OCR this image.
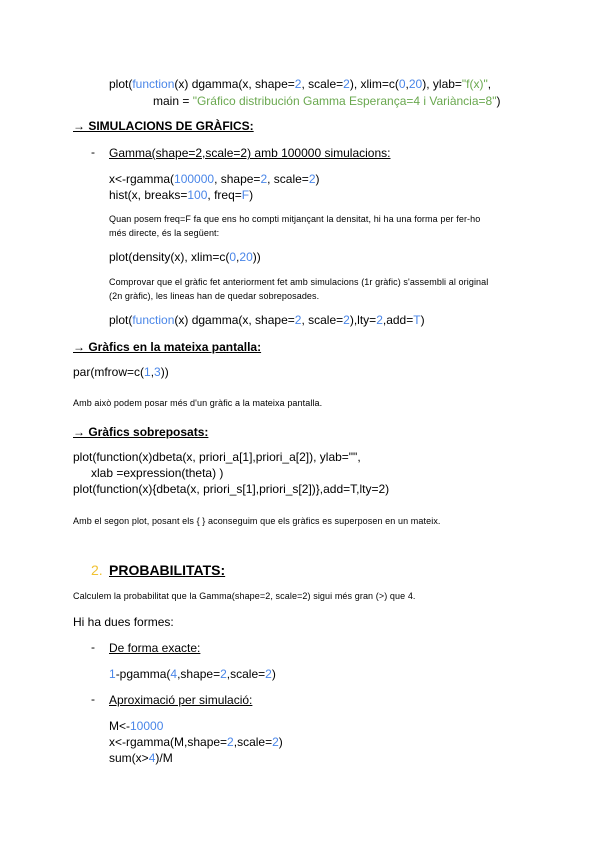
plot(function(x) dgamma(x, shape=2, scale=2), xlim=c(0,20), ylab="f(x)",
main = "Gráfico distribución Gamma Esperança=4 i Variància=8")
→ SIMULACIONS DE GRÀFICS:
- Gamma(shape=2,scale=2) amb 100000 simulacions:
x<-rgamma(100000, shape=2, scale=2)
hist(x, breaks=100, freq=F)
Quan posem freq=F fa que ens ho compti mitjançant la densitat, hi ha una forma per fer-ho
més directe, és la següent:
plot(density(x), xlim=c(0,20))
Comprovar que el gràfic fet anteriorment fet amb simulacions (1r gràfic) s'assembli al original
(2n gràfic), les lineas han de quedar sobreposades.
plot(function(x) dgamma(x, shape=2, scale=2),lty=2,add=T)
→ Gràfics en la mateixa pantalla:
par(mfrow=c(1,3))
Amb això podem posar més d'un gràfic a la mateixa pantalla.
→ Gràfics sobreposats:
plot(function(x)dbeta(x, priori_a[1],priori_a[2]), ylab="",
xlab =expression(theta) )
plot(function(x){dbeta(x, priori_s[1],priori_s[2])},add=T,lty=2)
Amb el segon plot, posant els { } aconseguim que els gràfics es superposen en un mateix.
2. PROBABILITATS:
Calculem la probabilitat que la Gamma(shape=2, scale=2) sigui més gran (>) que 4.
Hi ha dues formes:
- De forma exacte:
1-pgamma(4,shape=2,scale=2)
- Aproximació per simulació:
M<-10000
x<-rgamma(M,shape=2,scale=2)
sum(x>4)/M
